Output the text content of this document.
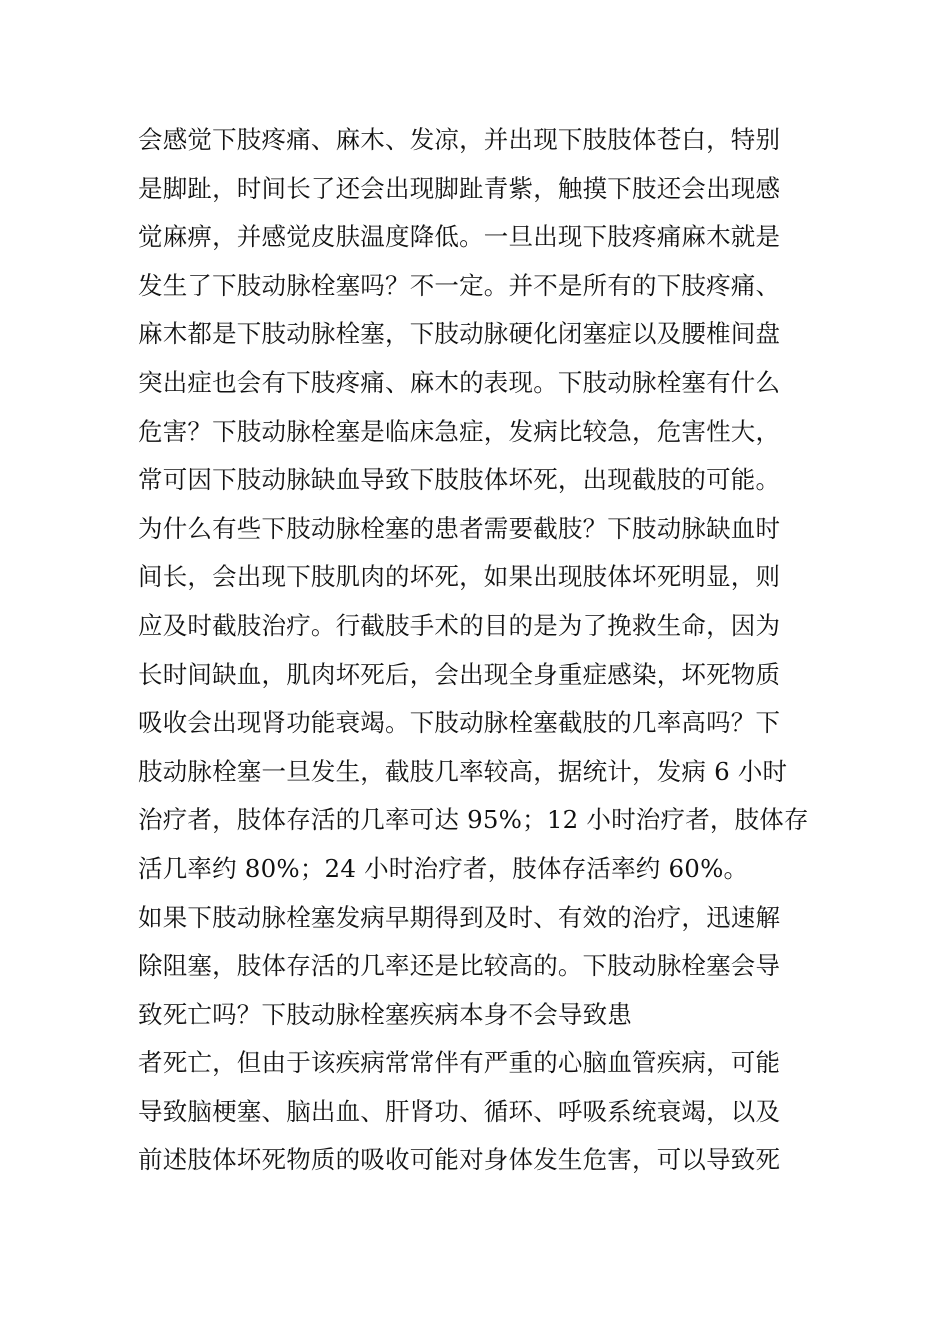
会感觉下肢疼痛、麻木、发凉，并出现下肢肢体苍白，特别
是脚趾，时间长了还会出现脚趾青紫，触摸下肢还会出现感
觉麻痹，并感觉皮肤温度降低。一旦出现下肢疼痛麻木就是
发生了下肢动脉栓塞吗？不一定。并不是所有的下肢疼痛、
麻木都是下肢动脉栓塞，下肢动脉硬化闭塞症以及腰椎间盘
突出症也会有下肢疼痛、麻木的表现。下肢动脉栓塞有什么
危害？下肢动脉栓塞是临床急症，发病比较急，危害性大，
常可因下肢动脉缺血导致下肢肢体坏死，出现截肢的可能。
为什么有些下肢动脉栓塞的患者需要截肢？下肢动脉缺血时
间长，会出现下肢肌肉的坏死，如果出现肢体坏死明显，则
应及时截肢治疗。行截肢手术的目的是为了挽救生命，因为
长时间缺血，肌肉坏死后，会出现全身重症感染，坏死物质
吸收会出现肾功能衰竭。下肢动脉栓塞截肢的几率高吗？下
肢动脉栓塞一旦发生，截肢几率较高，据统计，发病 6 小时
治疗者，肢体存活的几率可达 95%；12 小时治疗者，肢体存
活几率约 80%；24 小时治疗者，肢体存活率约 60%。
如果下肢动脉栓塞发病早期得到及时、有效的治疗，迅速解
除阻塞，肢体存活的几率还是比较高的。下肢动脉栓塞会导
致死亡吗？下肢动脉栓塞疾病本身不会导致患
者死亡，但由于该疾病常常伴有严重的心脑血管疾病，可能
导致脑梗塞、脑出血、肝肾功、循环、呼吸系统衰竭，以及
前述肢体坏死物质的吸收可能对身体发生危害，可以导致死
